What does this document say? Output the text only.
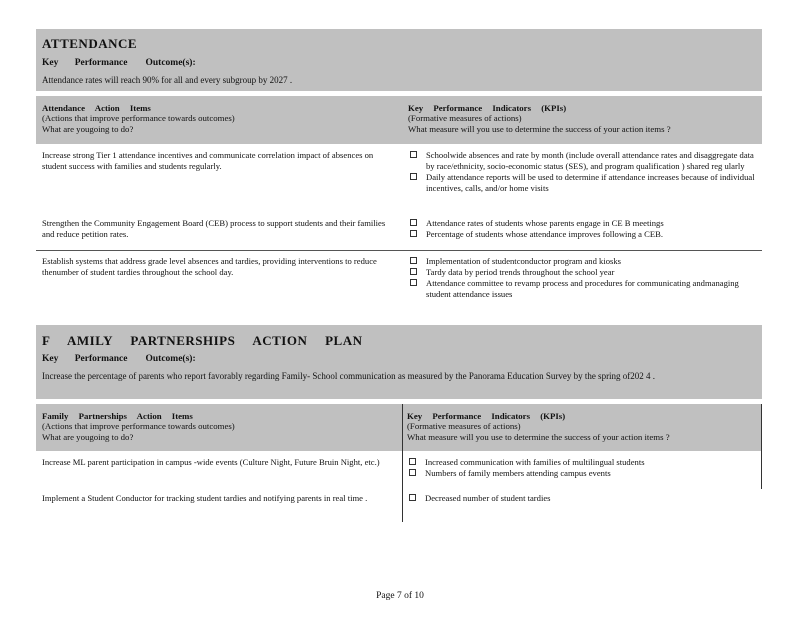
ATTENDANCE
Key Performance Outcome(s):
Attendance rates will reach 90% for all and every subgroup by 2027 .
Attendance Action Items
(Actions that improve performance towards outcomes)
What are yougoing to do?
Key Performance Indicators (KPIs)
(Formative measures of actions)
What measure will you use to determine the success of your action items ?
Increase strong Tier 1 attendance incentives and communicate correlation impact of absences on student success with families and students regularly.
Schoolwide absences and rate by month (include overall attendance rates and disaggregate data by race/ethnicity, socio-economic status (SES), and program qualification ) shared reg ularly
Daily attendance reports will be used to determine if attendance increases because of individual incentives, calls, and/or home visits
Strengthen the Community Engagement Board (CEB) process to support students and their families and reduce petition rates.
Attendance rates of students whose parents engage in CE B meetings
Percentage of students whose attendance improves following a CEB.
Establish systems that address grade level absences and tardies, providing interventions to reduce thenumber of student tardies throughout the school day.
Implementation of studentconductor program and kiosks
Tardy data by period trends throughout the school year
Attendance committee to revamp process and procedures for communicating andmanaging student attendance issues
F AMILY PARTNERSHIPS ACTION PLAN
Key Performance Outcome(s):
Increase the percentage of parents who report favorably regarding Family- School communication as measured by the Panorama Education Survey by the spring of202 4 .
Family Partnerships Action Items
(Actions that improve performance towards outcomes)
What are yougoing to do?
Key Performance Indicators (KPIs)
(Formative measures of actions)
What measure will you use to determine the success of your action items ?
Increase ML parent participation in campus -wide events (Culture Night, Future Bruin Night, etc.)	Increased communication with families of multilingual students
Numbers of family members attending campus events
Implement a Student Conductor for tracking student tardies and notifying parents in real time .	Decreased number of student tardies
Page 7 of 10
